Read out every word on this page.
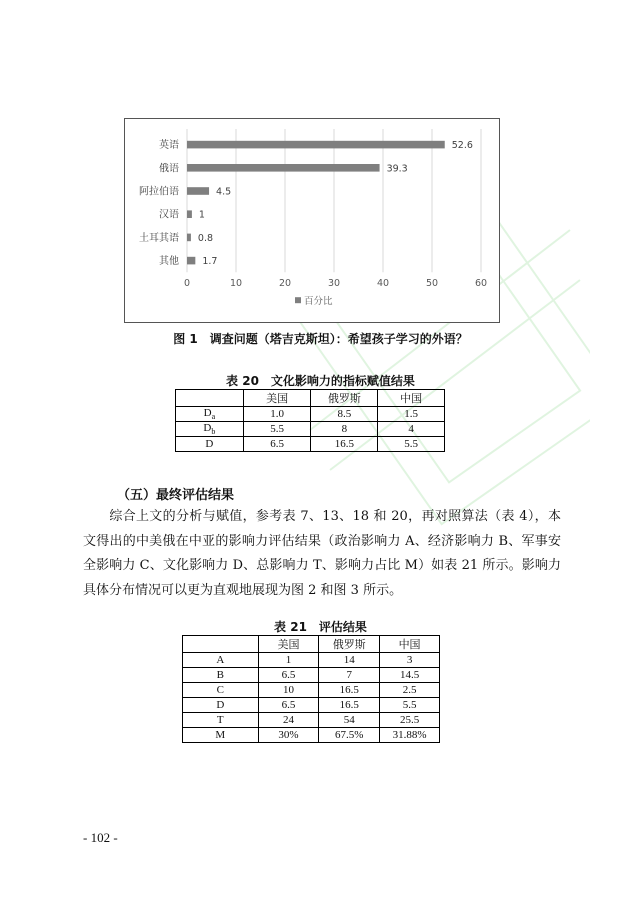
0	10	20	30	40	50	60
英语	52.6
俄语	39.3
阿拉伯语	4.5
汉语 1
土耳其语 0.8
其他 1.7
百分比
图 1　调查问题（塔吉克斯坦）：希望孩子学习的外语？
表 20　文化影响力的指标赋值结果
	美国	俄罗斯	中国
$D_a$	1.0	8.5	1.5
$D_b$	5.5	8	4
D	6.5	16.5	5.5
（五）最终评估结果

综合上文的分析与赋值，参考表 7、13、18 和 20，再对照算法（表 4），本文得出的中美俄在中亚的影响力评估结果（政治影响力 A、经济影响力 B、军事安全影响力 C、文化影响力 D、总影响力 T、影响力占比 M）如表 21 所示。影响力具体分布情况可以更为直观地展现为图 2 和图 3 所示。

表 21　评估结果
	美国	俄罗斯	中国
A	1	14	3
B	6.5	7	14.5
C	10	16.5	2.5
D	6.5	16.5	5.5
T	24	54	25.5
M	30%	67.5%	31.88%
- 102 -
